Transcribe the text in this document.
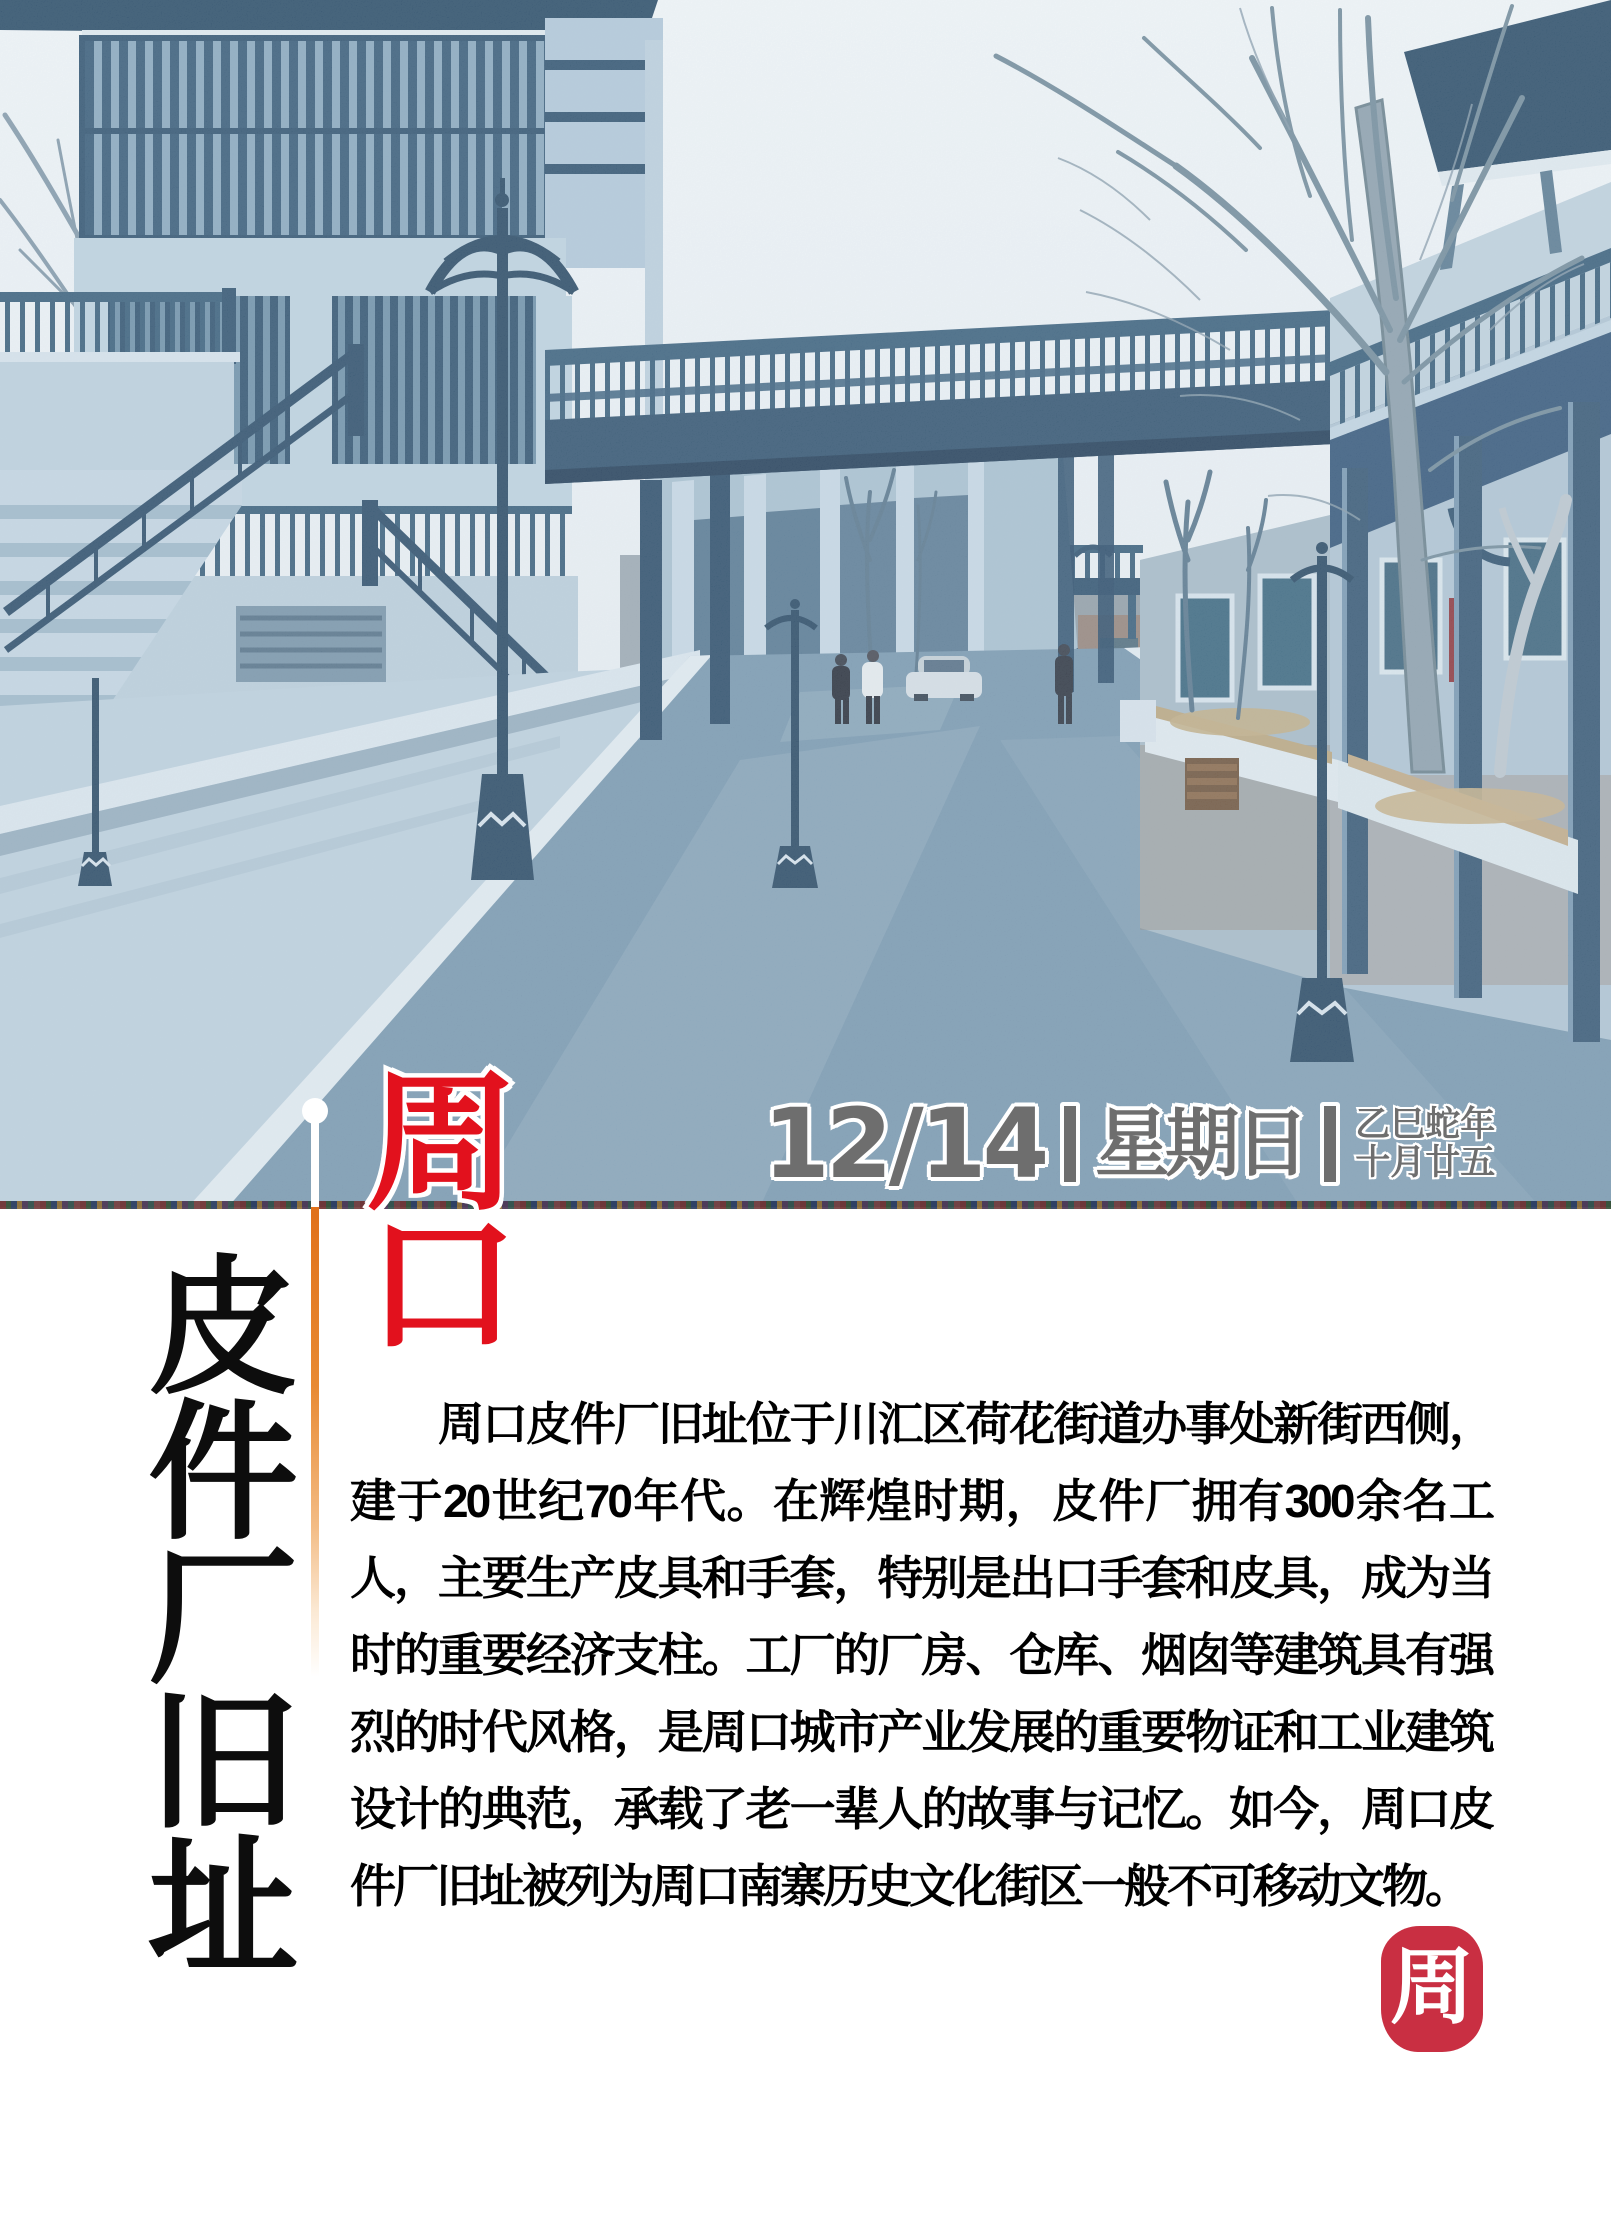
12/14 星期日 乙巳蛇年
十月廿五
周口
皮件厂旧址	周口皮件厂旧址位于川汇区荷花街道办事处新街西侧，建于20世纪70年代。在辉煌时期，皮件厂拥有300余名工人，主要生产皮具和手套，特别是出口手套和皮具，成为当时的重要经济支柱。工厂的厂房、仓库、烟囱等建筑具有强烈的时代风格，是周口城市产业发展的重要物证和工业建筑设计的典范，承载了老一辈人的故事与记忆。如今，周口皮件厂旧址被列为周口南寨历史文化街区一般不可移动文物。

周
